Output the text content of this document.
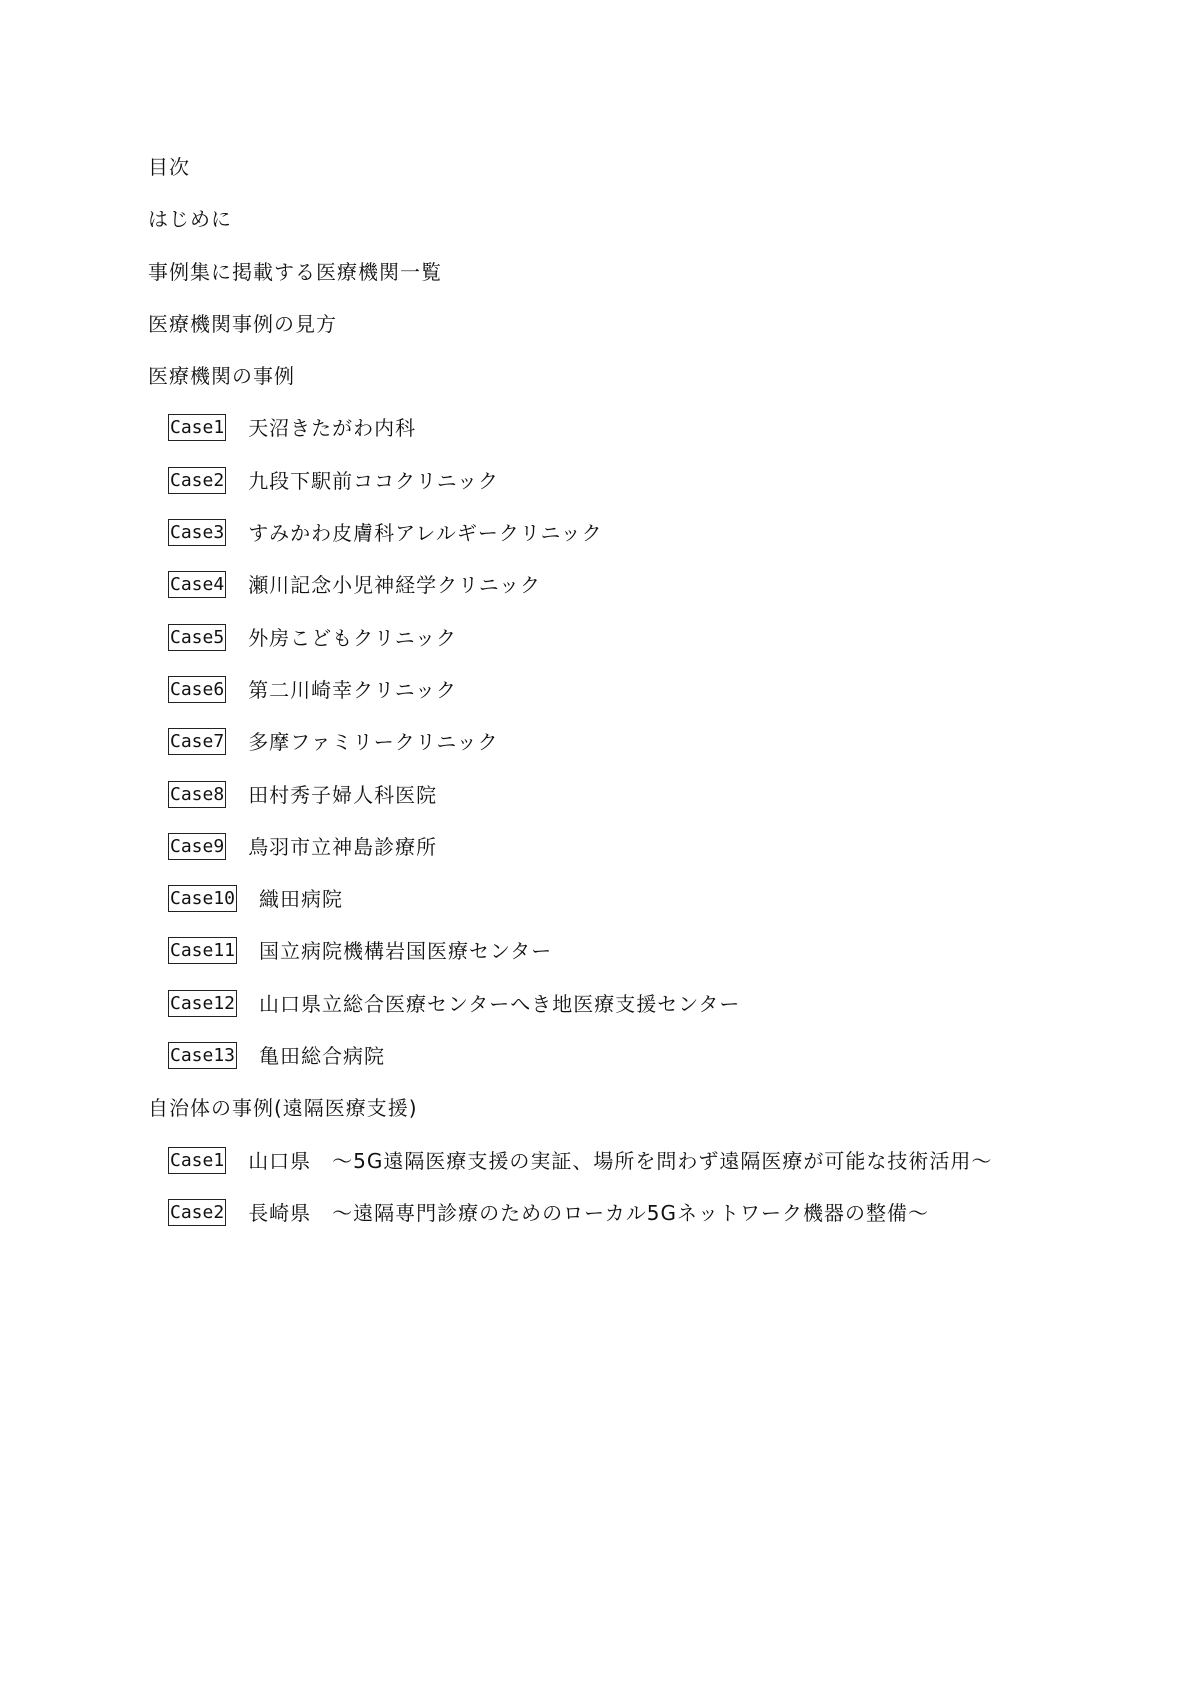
目次
はじめに
事例集に掲載する医療機関一覧
医療機関事例の見方
医療機関の事例
Case1 天沼きたがわ内科
Case2 九段下駅前ココクリニック
Case3 すみかわ皮膚科アレルギークリニック
Case4 瀬川記念小児神経学クリニック
Case5 外房こどもクリニック
Case6 第二川崎幸クリニック
Case7 多摩ファミリークリニック
Case8 田村秀子婦人科医院
Case9 鳥羽市立神島診療所
Case10 織田病院
Case11 国立病院機構岩国医療センター
Case12 山口県立総合医療センターへき地医療支援センター
Case13 亀田総合病院
自治体の事例(遠隔医療支援)
Case1 山口県　～5G遠隔医療支援の実証、場所を問わず遠隔医療が可能な技術活用～
Case2 長崎県　～遠隔専門診療のためのローカル5Gネットワーク機器の整備～
